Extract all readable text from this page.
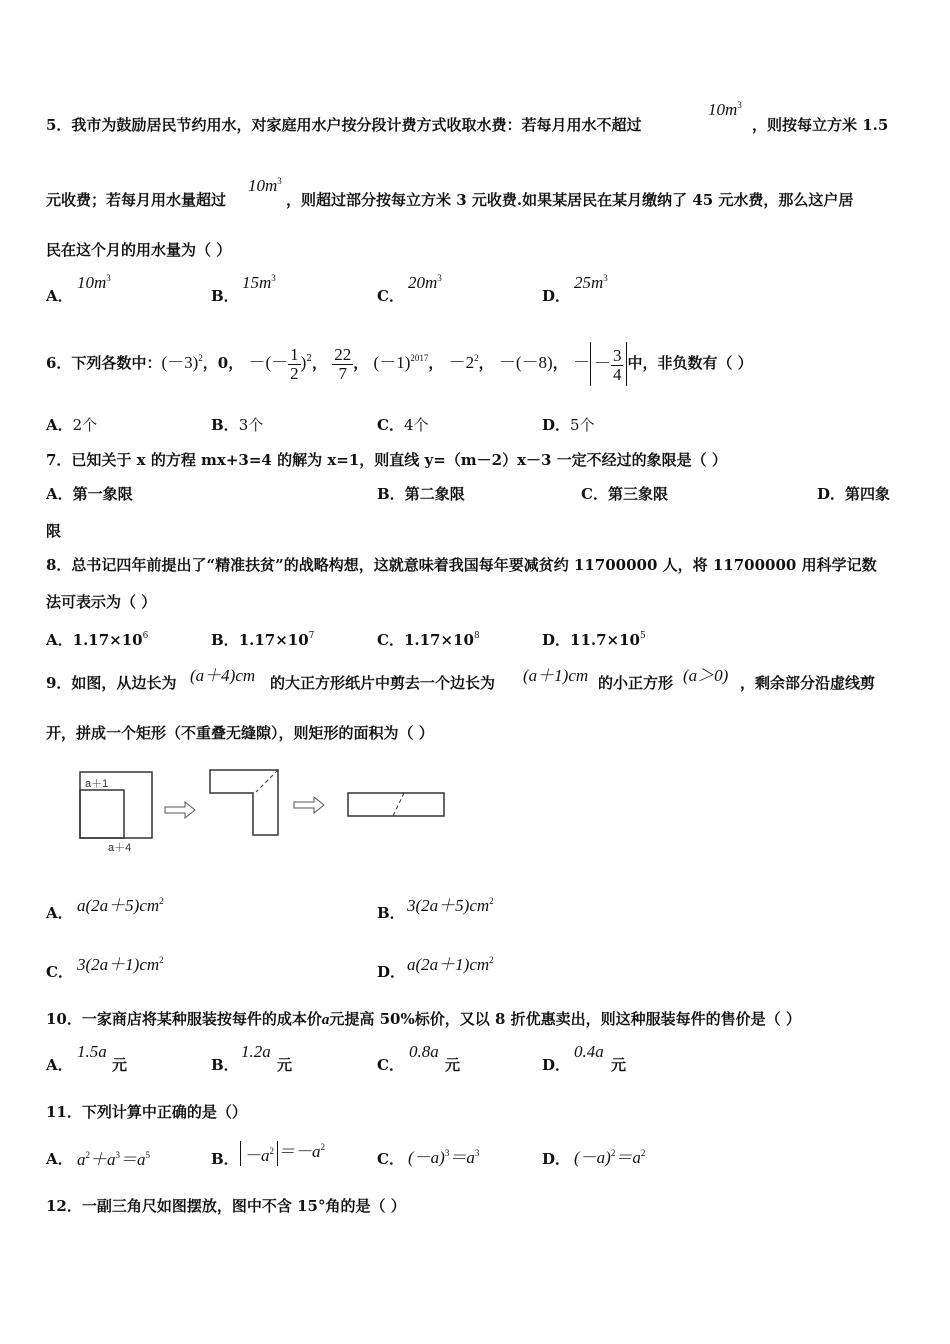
5．我市为鼓励居民节约用水，对家庭用水户按分段计费方式收取水费：若每月用水不超过
$10m^3$
，则按每立方米 1.5
元收费；若每月用水量超过
$10m^3$
，则超过部分按每立方米 3 元收费.如果某居民在某月缴纳了 45 元水费，那么这户居
民在这个月的用水量为（ ）
A．
$10m^3$
B．
$15m^3$
C．
$20m^3$
D．
$25m^3$
6．下列各数中：$(-3)^2$，0， －(－ $\frac{1}{2} )^2$， $\frac{22}{7}$ ， $(-1)^{2017}$， $-2^2$， －(－8)， － － $\frac{3}{4}$ 中，非负数有（ ）
A．2个	B．3个	C．4个	D．5个
7．已知关于 x 的方程 mx+3=4 的解为 x=1，则直线 y=（m－2）x－3 一定不经过的象限是（ ）
A．第一象限	B．第二象限	C．第三象限	D．第四象
限
8．总书记四年前提出了“精准扶贫”的战略构想，这就意味着我国每年要减贫约 11700000 人，将 11700000 用科学记数
法可表示为（ ）
A．$1.17\times 10^6$	B．$1.17\times 10^7$	C．$1.17\times 10^8$	D．$11.7\times 10^5$
9．如图，从边长为 (a＋4)cm 的大正方形纸片中剪去一个边长为 (a＋1)cm 的小正方形 (a＞0) ，剩余部分沿虚线剪
开，拼成一个矩形（不重叠无缝隙），则矩形的面积为（ ）
a＋1
a＋4
A． $a(2a+5)cm^2$
B． $3(2a+5)cm^2$
C． $3(2a+1)cm^2$
D． $a(2a+1)cm^2$
10．一家商店将某种服装按每件的成本价a元提高 50%标价，又以 8 折优惠卖出，则这种服装每件的售价是（ ）
A．
1.5a
元	B．
1.2a
元	C．
0.8a
元	D．
0.4a
元
11．下列计算中正确的是（）
A． $a^2+a^3=a^5$	B． $-a^2 =-a^2$
C． $(-a)^3=a^3$	D． $(-a)^2=a^2$
12．一副三角尺如图摆放，图中不含 15°角的是（ ）
